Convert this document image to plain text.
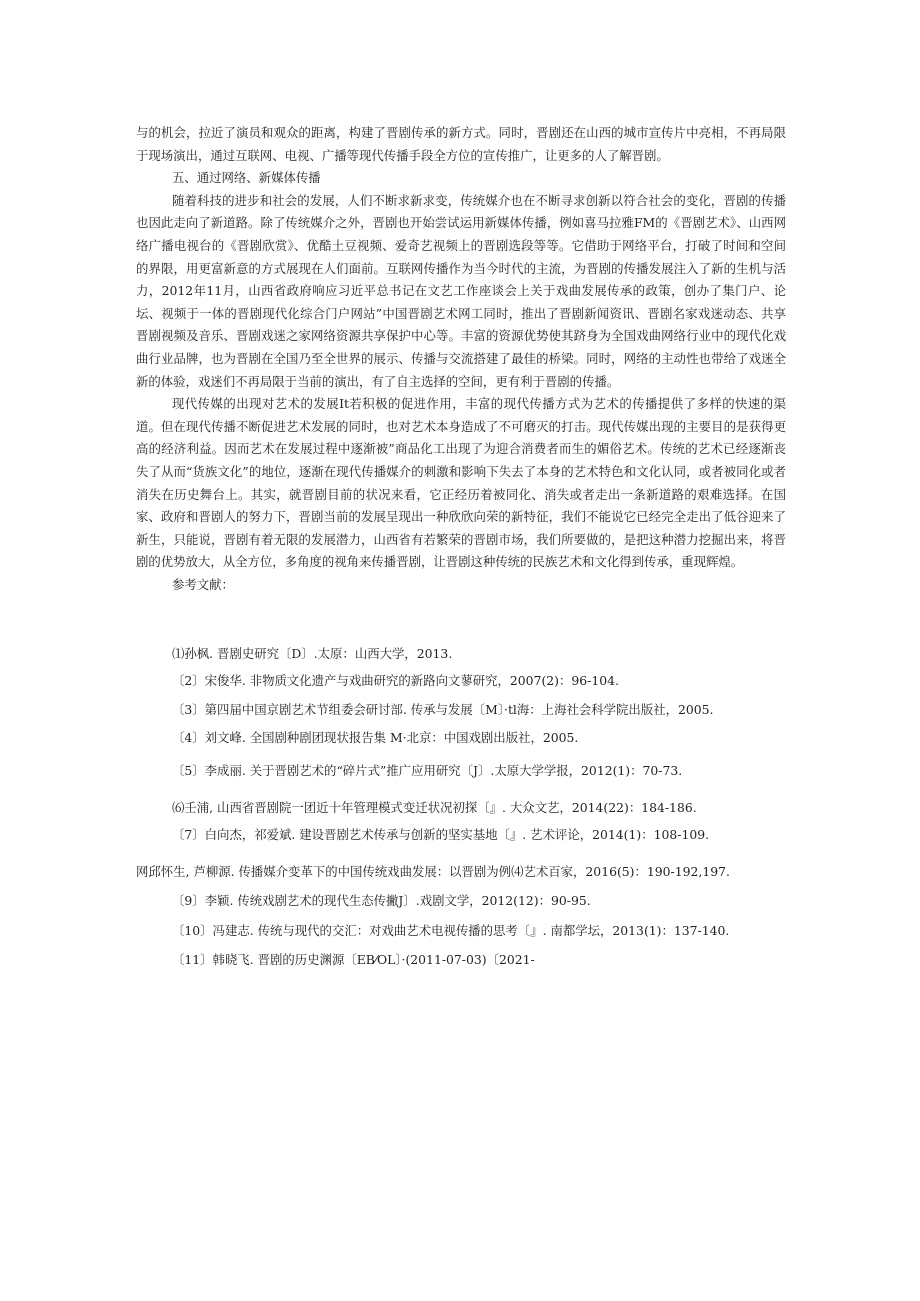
与的机会，拉近了演员和观众的距离，构建了晋剧传承的新方式。同时，晋剧还在山西的城市宣传片中亮相，不再局限于现场演出，通过互联网、电视、广播等现代传播手段全方位的宣传推广，让更多的人了解晋剧。

五、通过网络、新媒体传播

随着科技的进步和社会的发展，人们不断求新求变，传统媒介也在不断寻求创新以符合社会的变化，晋剧的传播也因此走向了新道路。除了传统媒介之外，晋剧也开始尝试运用新媒体传播，例如喜马拉雅FM的《晋剧艺术》、山西网络广播电视台的《晋剧欣赏》、优酷土豆视频、爱奇艺视频上的晋剧选段等等。它借助于网络平台，打破了时间和空间的界限，用更富新意的方式展现在人们面前。互联网传播作为当今时代的主流，为晋剧的传播发展注入了新的生机与活力，2012年11月，山西省政府响应习近平总书记在文艺工作座谈会上关于戏曲发展传承的政策，创办了集门户、论坛、视频于一体的晋剧现代化综合门户网站”中国晋剧艺术网工同时，推出了晋剧新闻资讯、晋剧名家戏迷动态、共享晋剧视频及音乐、晋剧戏迷之家网络资源共享保护中心等。丰富的资源优势使其跻身为全国戏曲网络行业中的现代化戏曲行业品牌，也为晋剧在全国乃至全世界的展示、传播与交流搭建了最佳的桥梁。同时，网络的主动性也带给了戏迷全新的体验，戏迷们不再局限于当前的演出，有了自主选择的空间，更有利于晋剧的传播。

现代传媒的出现对艺术的发展It若积极的促进作用，丰富的现代传播方式为艺术的传播提供了多样的快速的渠道。但在现代传播不断促进艺术发展的同时，也对艺术本身造成了不可磨灭的打击。现代传媒出现的主要目的是获得更高的经济利益。因而艺术在发展过程中逐渐被”商品化工出现了为迎合消费者而生的媚俗艺术。传统的艺术已经逐渐丧失了从而“货族文化”的地位，逐渐在现代传播媒介的刺激和影响下失去了本身的艺术特色和文化认同，或者被同化或者消失在历史舞台上。其实，就晋剧目前的状况来看，它正经历着被同化、消失或者走出一条新道路的艰难选择。在国家、政府和晋剧人的努力下，晋剧当前的发展呈现出一种欣欣向荣的新特征，我们不能说它已经完全走出了低谷迎来了新生，只能说，晋剧有着无限的发展潜力，山西省有若繁荣的晋剧市场，我们所要做的，是把这种潜力挖掘出来，将晋剧的优势放大，从全方位，多角度的视角来传播晋剧，让晋剧这种传统的民族艺术和文化得到传承，重现辉煌。

参考文献：

⑴孙枫. 晋剧史研究〔D〕.太原：山西大学，2013.
〔2〕宋俊华. 非物质文化遗产与戏曲研究的新路向文蓼研究，2007(2)：96-104.
〔3〕第四届中国京剧艺术节组委会研讨部. 传承与发展〔M〕·tl海：上海社会科学院出版社，2005.
〔4〕刘文峰. 全国剧种剧团现状报告集 M·北京：中国戏剧出版社，2005.
〔5〕李成丽. 关于晋剧艺术的“碎片式”推广应用研究〔J〕.太原大学学报，2012(1)：70-73.
⑹壬浦, 山西省晋剧院一团近十年管理模式变迁状况初探〔』. 大众文艺，2014(22)：184-186.
〔7〕白向杰，祁爱斌. 建设晋剧艺术传承与创新的坚实基地〔』. 艺术评论，2014(1)：108-109.
网邱怀生, 芦柳源. 传播媒介变革下的中国传统戏曲发展：以晋剧为例⑷艺术百家，2016(5)：190-192,197.
〔9〕李颖. 传统戏剧艺术的现代生态传撇J〕.戏剧文学，2012(12)：90-95.
〔10〕冯建志. 传统与现代的交汇：对戏曲艺术电视传播的思考〔』. 南都学坛，2013(1)：137-140.
〔11〕韩晓飞. 晋剧的历史渊源〔EB⁄OL〕·(2011-07-03)〔2021-
